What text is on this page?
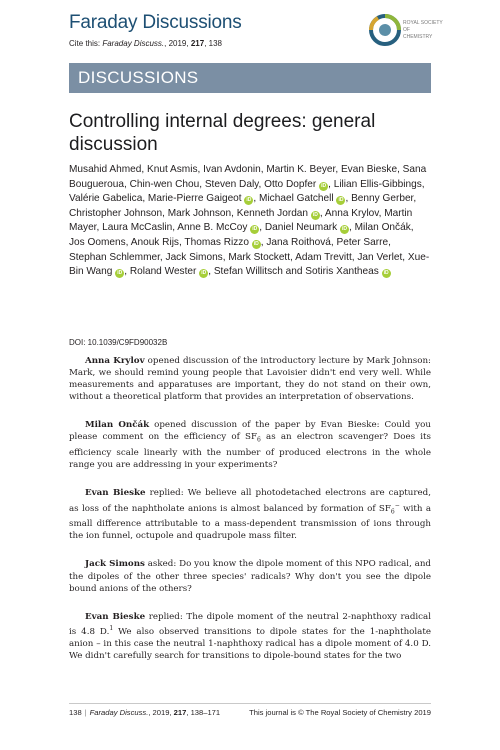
Faraday Discussions
Cite this: Faraday Discuss., 2019, 217, 138
ROYAL SOCIETY
OF
CHEMISTRY
DISCUSSIONS
Controlling internal degrees: general discussion
Musahid Ahmed, Knut Asmis, Ivan Avdonin, Martin K. Beyer, Evan Bieske, Sana Bougueroua, Chin-wen Chou, Steven Daly, Otto Dopfer iD , Lilian Ellis-Gibbings, Valérie Gabelica, Marie-Pierre Gaigeot iD , Michael Gatchell iD , Benny Gerber, Christopher Johnson, Mark Johnson, Kenneth Jordan iD , Anna Krylov, Martin Mayer, Laura McCaslin, Anne B. McCoy iD , Daniel Neumark iD , Milan Ončák, Jos Oomens, Anouk Rijs, Thomas Rizzo iD , Jana Roithová, Peter Sarre, Stephan Schlemmer, Jack Simons, Mark Stockett, Adam Trevitt, Jan Verlet, Xue-Bin Wang iD , Roland Wester iD , Stefan Willitsch and Sotiris Xantheas iD
DOI: 10.1039/C9FD90032B

Anna Krylov opened discussion of the introductory lecture by Mark Johnson: Mark, we should remind young people that Lavoisier didn't end very well. While measurements and apparatuses are important, they do not stand on their own, without a theoretical platform that provides an interpretation of observations.

Milan Ončák opened discussion of the paper by Evan Bieske: Could you please comment on the efficiency of $SF_6$ as an electron scavenger? Does its efficiency scale linearly with the number of produced electrons in the whole range you are addressing in your experiments?

Evan Bieske replied: We believe all photodetached electrons are captured, as loss of the naphtholate anions is almost balanced by formation of $SF_6^-$ with a small difference attributable to a mass-dependent transmission of ions through the ion funnel, octupole and quadrupole mass filter.

Jack Simons asked: Do you know the dipole moment of this NPO radical, and the dipoles of the other three species' radicals? Why don't you see the dipole bound anions of the others?

Evan Bieske replied: The dipole moment of the neutral 2-naphthoxy radical is 4.8 D.$^1$ We also observed transitions to dipole states for the 1-naphtholate anion – in this case the neutral 1-naphthoxy radical has a dipole moment of 4.0 D. We didn't carefully search for transitions to dipole-bound states for the two

138 | Faraday Discuss., 2019, 217, 138–171	This journal is © The Royal Society of Chemistry 2019
